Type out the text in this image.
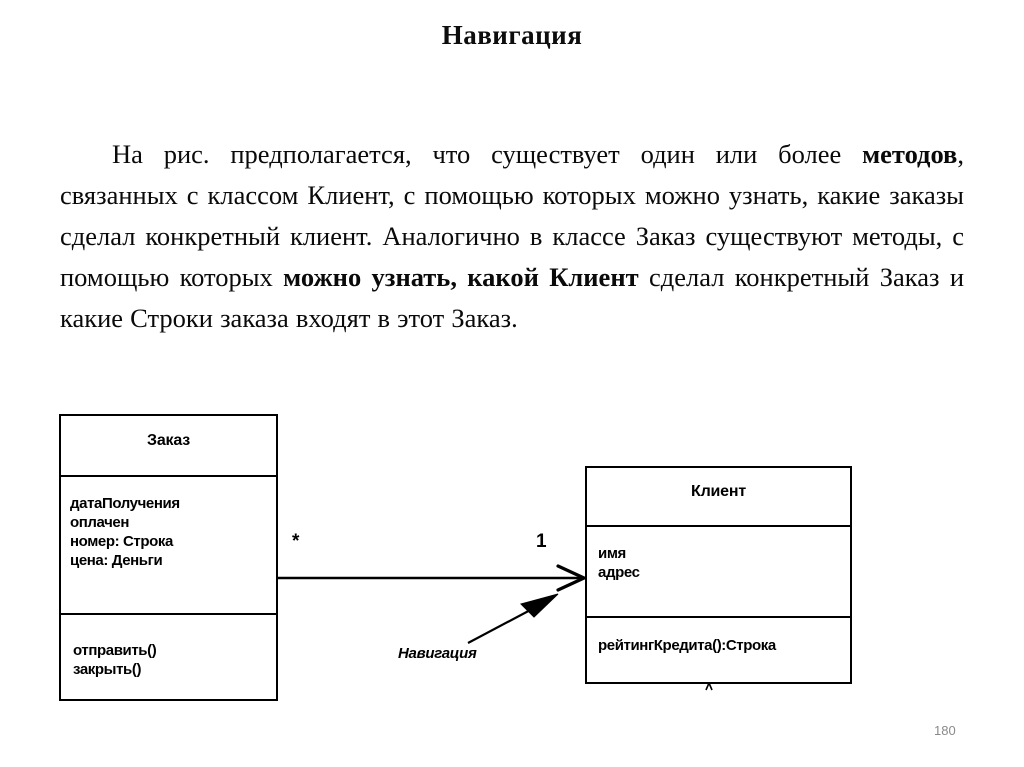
Навигация
На рис. предполагается, что существует один или более методов, связанных с классом Клиент, с помощью которых можно узнать, какие заказы сделал конкретный клиент. Аналогично в классе Заказ существуют методы, с помощью которых можно узнать, какой Клиент сделал конкретный Заказ и какие Строки заказа входят в этот Заказ.
*	1
Навигация
Заказ
датаПолучения
оплачен
номер: Строка
цена: Деньги
отправить()
закрыть()
Клиент
имя
адрес
рейтингКредита():Строка
180
